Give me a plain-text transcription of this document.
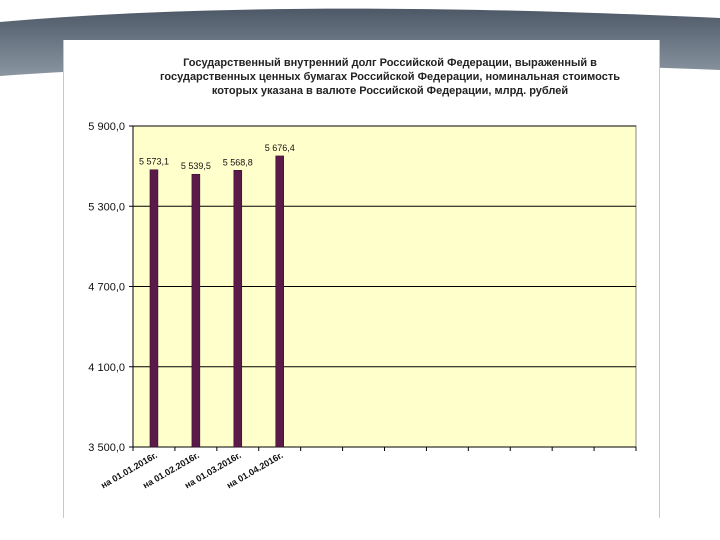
Государственный внутренний долг Российской Федерации, выраженный в государственных ценных бумагах Российской Федерации, номинальная стоимость которых указана в валюте Российской Федерации, млрд. рублей
3 500,0
4 100,0
4 700,0
5 300,0
5 900,0
5 573,1
на 01.01.2016г.
5 539,5
на 01.02.2016г.
5 568,8
на 01.03.2016г.
5 676,4
на 01.04.2016г.
